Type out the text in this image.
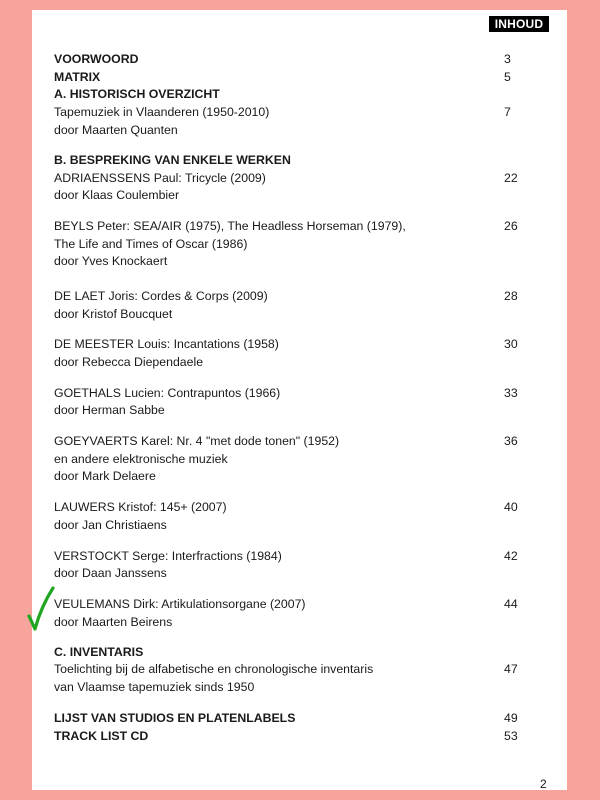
INHOUD
VOORWOORD	3
MATRIX	5
A. HISTORISCH OVERZICHT
Tapemuziek in Vlaanderen (1950-2010)	7
door Maarten Quanten
B. BESPREKING VAN ENKELE WERKEN
ADRIAENSSENS Paul: Tricycle (2009)	22
door Klaas Coulembier
BEYLS Peter: SEA/AIR (1975), The Headless Horseman (1979),	26
The Life and Times of Oscar (1986)
door Yves Knockaert
DE LAET Joris: Cordes & Corps (2009)	28
door Kristof Boucquet
DE MEESTER Louis: Incantations (1958)	30
door Rebecca Diependaele
GOETHALS Lucien: Contrapuntos (1966)	33
door Herman Sabbe
GOEYVAERTS Karel: Nr. 4 "met dode tonen" (1952)	36
en andere elektronische muziek
door Mark Delaere
LAUWERS Kristof: 145+ (2007)	40
door Jan Christiaens
VERSTOCKT Serge: Interfractions (1984)	42
door Daan Janssens
VEULEMANS Dirk: Artikulationsorgane (2007)	44
door Maarten Beirens
C. INVENTARIS
Toelichting bij de alfabetische en chronologische inventaris	47
van Vlaamse tapemuziek sinds 1950
LIJST VAN STUDIOS EN PLATENLABELS	49
TRACK LIST CD	53
2
